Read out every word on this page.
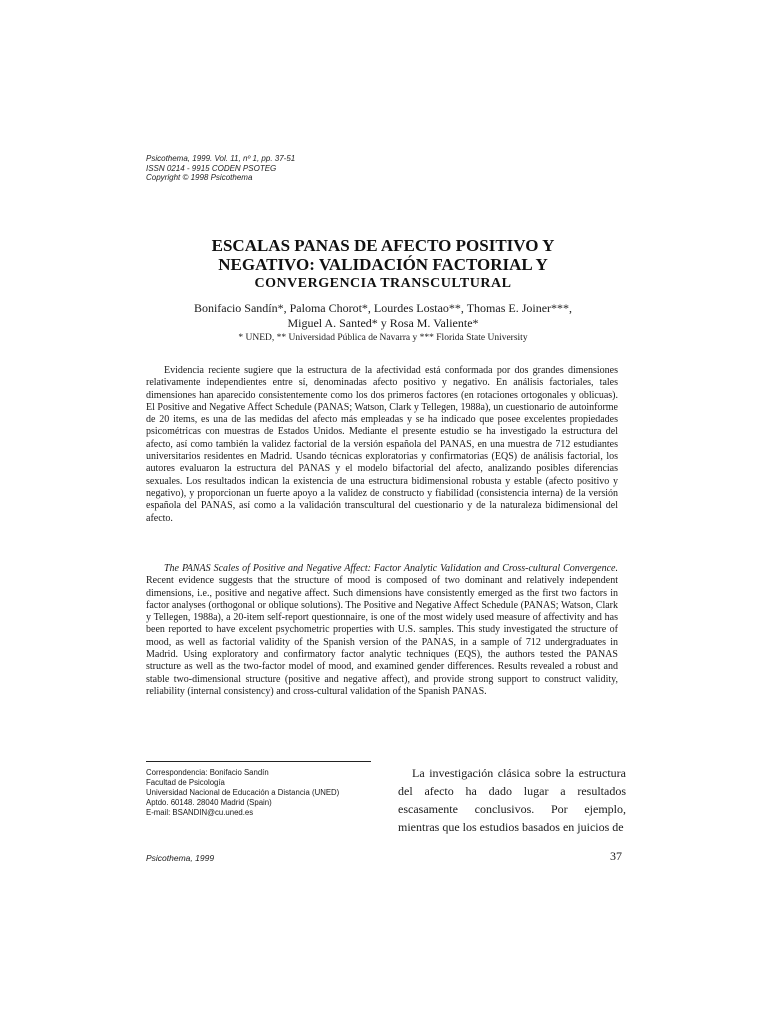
Psicothema, 1999. Vol. 11, nº 1, pp. 37-51
ISSN 0214 - 9915 CODEN PSOTEG
Copyright © 1998 Psicothema
ESCALAS PANAS DE AFECTO POSITIVO Y
NEGATIVO: VALIDACIÓN FACTORIAL Y
CONVERGENCIA TRANSCULTURAL
Bonifacio Sandín*, Paloma Chorot*, Lourdes Lostao**, Thomas E. Joiner***,
Miguel A. Santed* y Rosa M. Valiente*
* UNED, ** Universidad Pública de Navarra y *** Florida State University

Evidencia reciente sugiere que la estructura de la afectividad está conformada por dos grandes dimensiones relativamente independientes entre sí, denominadas afecto positivo y negativo. En análisis factoriales, tales dimensiones han aparecido consistentemente como los dos primeros factores (en rotaciones ortogonales y oblicuas). El Positive and Negative Affect Schedule (PANAS; Watson, Clark y Tellegen, 1988a), un cuestionario de autoinforme de 20 items, es una de las medidas del afecto más empleadas y se ha indicado que posee excelentes propiedades psicométricas con muestras de Estados Unidos. Mediante el presente estudio se ha investigado la estructura del afecto, así como también la validez factorial de la versión española del PANAS, en una muestra de 712 estudiantes universitarios residentes en Madrid. Usando técnicas exploratorias y confirmatorias (EQS) de análisis factorial, los autores evaluaron la estructura del PANAS y el modelo bifactorial del afecto, analizando posibles diferencias sexuales. Los resultados indican la existencia de una estructura bidimensional robusta y estable (afecto positivo y negativo), y proporcionan un fuerte apoyo a la validez de constructo y fiabilidad (consistencia interna) de la versión española del PANAS, así como a la validación transcultural del cuestionario y de la naturaleza bidimensional del afecto.

The PANAS Scales of Positive and Negative Affect: Factor Analytic Validation and Cross-cultural Convergence. Recent evidence suggests that the structure of mood is composed of two dominant and relatively independent dimensions, i.e., positive and negative affect. Such dimensions have consistently emerged as the first two factors in factor analyses (orthogonal or oblique solutions). The Positive and Negative Affect Schedule (PANAS; Watson, Clark y Tellegen, 1988a), a 20-item self-report questionnaire, is one of the most widely used measure of affectivity and has been reported to have excelent psychometric properties with U.S. samples. This study investigated the structure of mood, as well as factorial validity of the Spanish version of the PANAS, in a sample of 712 undergraduates in Madrid. Using exploratory and confirmatory factor analytic techniques (EQS), the authors tested the PANAS structure as well as the two-factor model of mood, and examined gender differences. Results revealed a robust and stable two-dimensional structure (positive and negative affect), and provide strong support to construct validity, reliability (internal consistency) and cross-cultural validation of the Spanish PANAS.

Correspondencia: Bonifacio Sandín
Facultad de Psicología
Universidad Nacional de Educación a Distancia (UNED)
Aptdo. 60148. 28040 Madrid (Spain)
E-mail: BSANDIN@cu.uned.es

La investigación clásica sobre la estructura del afecto ha dado lugar a resultados escasamente conclusivos. Por ejemplo, mientras que los estudios basados en juicios de

Psicothema, 1999	37
